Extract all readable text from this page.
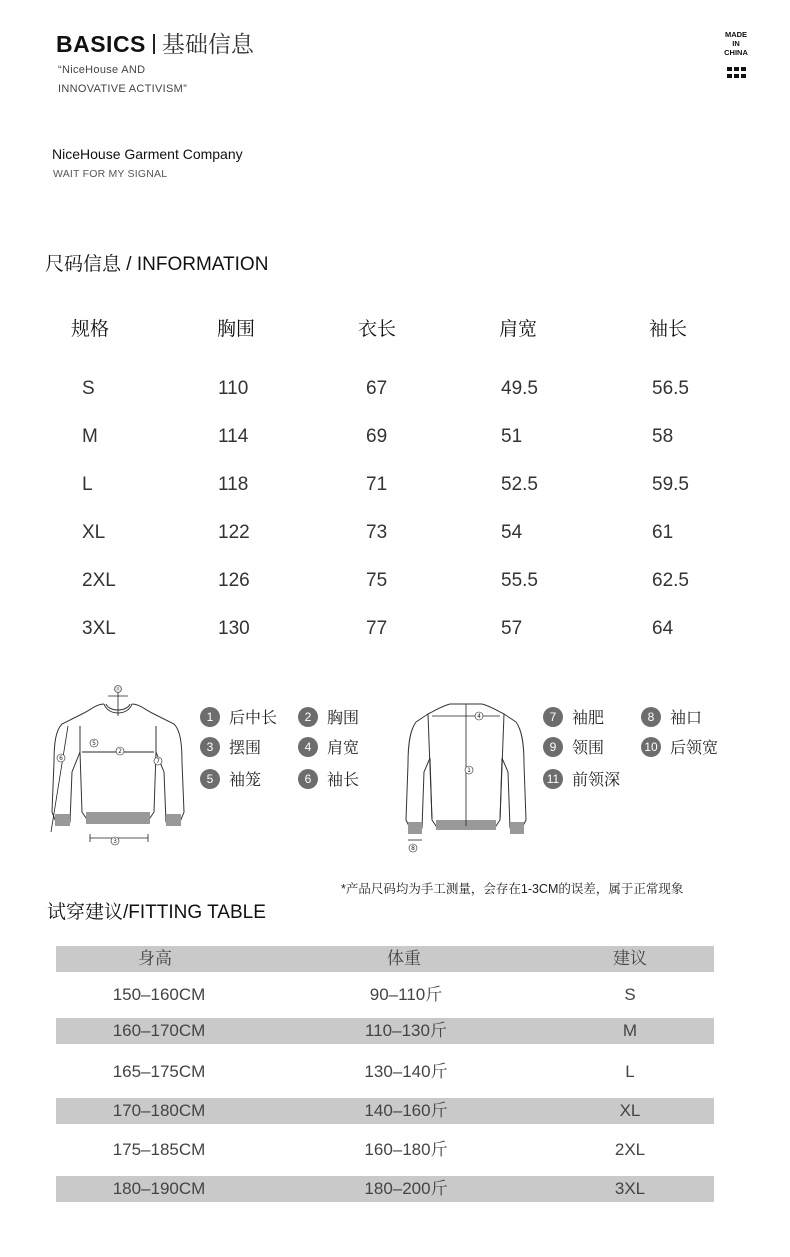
BASICS 基础信息
“NiceHouse AND
INNOVATIVE ACTIVISM”
MADE
IN
CHINA
NiceHouse Garment Company
WAIT FOR MY SIGNAL
尺码信息 / INFORMATION
规格	胸围	衣长	肩宽	袖长
S	110	67	49.5	56.5
M	114	69	51	58
L	118	71	52.5	59.5
XL	122	73	54	61
2XL	126	75	55.5	62.5
3XL	130	77	57	64
⑪
5
2
7
6
3
4
1
8
1 后中长	2 胸围
3 摆围	4 肩宽
5 袖笼	6 袖长
7 袖肥	8 袖口
9 领围	10 后领宽
11 前领深
*产品尺码均为手工测量，会存在1-3CM的误差，属于正常现象
试穿建议/FITTING TABLE
身高	体重	建议
150–160CM	90–110斤	S
160–170CM	110–130斤	M
165–175CM	130–140斤	L
170–180CM	140–160斤	XL
175–185CM	160–180斤	2XL
180–190CM	180–200斤	3XL
